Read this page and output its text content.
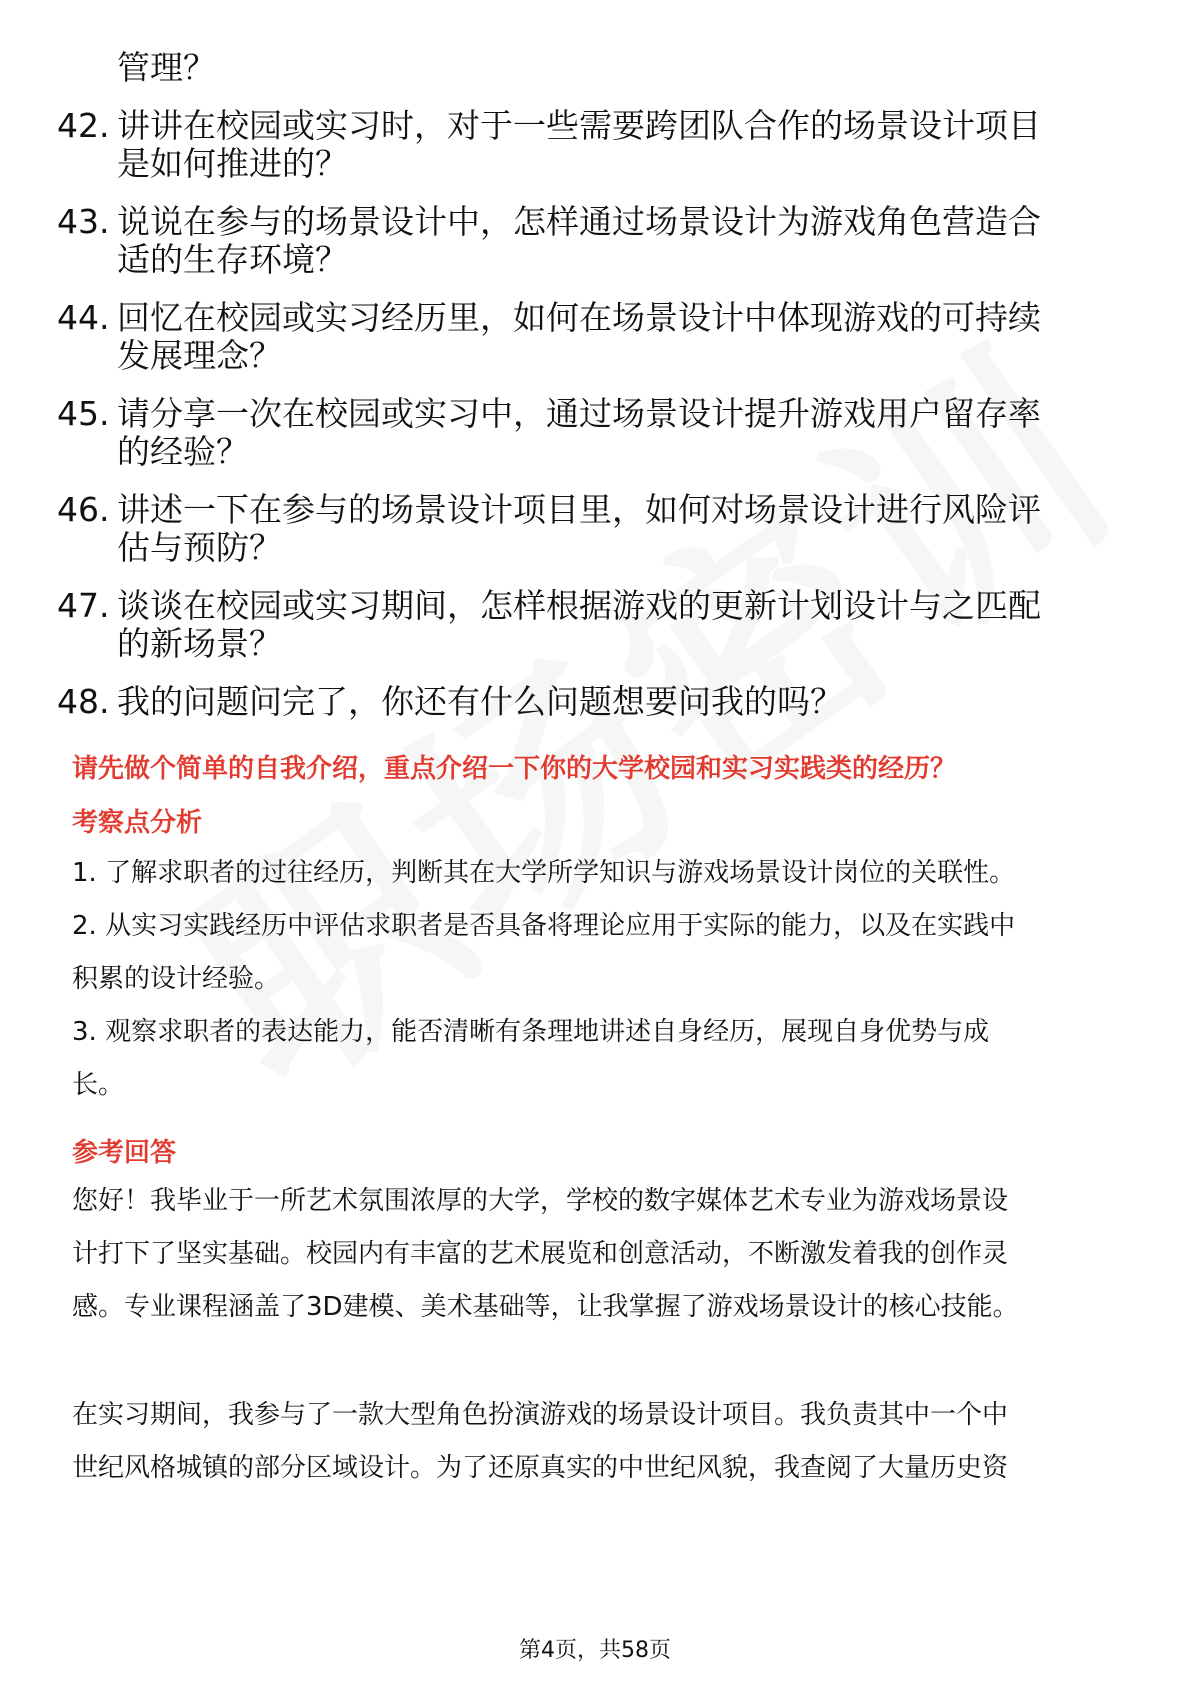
管理？
42. 讲讲在校园或实习时，对于一些需要跨团队合作的场景设计项目
是如何推进的？
43. 说说在参与的场景设计中，怎样通过场景设计为游戏角色营造合
适的生存环境？
44. 回忆在校园或实习经历里，如何在场景设计中体现游戏的可持续
发展理念？
45. 请分享一次在校园或实习中，通过场景设计提升游戏用户留存率
的经验？
46. 讲述一下在参与的场景设计项目里，如何对场景设计进行风险评
估与预防？
47. 谈谈在校园或实习期间，怎样根据游戏的更新计划设计与之匹配
的新场景？
48. 我的问题问完了，你还有什么问题想要问我的吗？
请先做个简单的自我介绍，重点介绍一下你的大学校园和实习实践类的经历？
考察点分析
1. 了解求职者的过往经历，判断其在大学所学知识与游戏场景设计岗位的关联性。
2. 从实习实践经历中评估求职者是否具备将理论应用于实际的能力，以及在实践中
积累的设计经验。
3. 观察求职者的表达能力，能否清晰有条理地讲述自身经历，展现自身优势与成
长。
参考回答
您好！我毕业于一所艺术氛围浓厚的大学，学校的数字媒体艺术专业为游戏场景设
计打下了坚实基础。校园内有丰富的艺术展览和创意活动，不断激发着我的创作灵
感。专业课程涵盖了3D建模、美术基础等，让我掌握了游戏场景设计的核心技能。
在实习期间，我参与了一款大型角色扮演游戏的场景设计项目。我负责其中一个中
世纪风格城镇的部分区域设计。为了还原真实的中世纪风貌，我查阅了大量历史资
第4页，共58页
